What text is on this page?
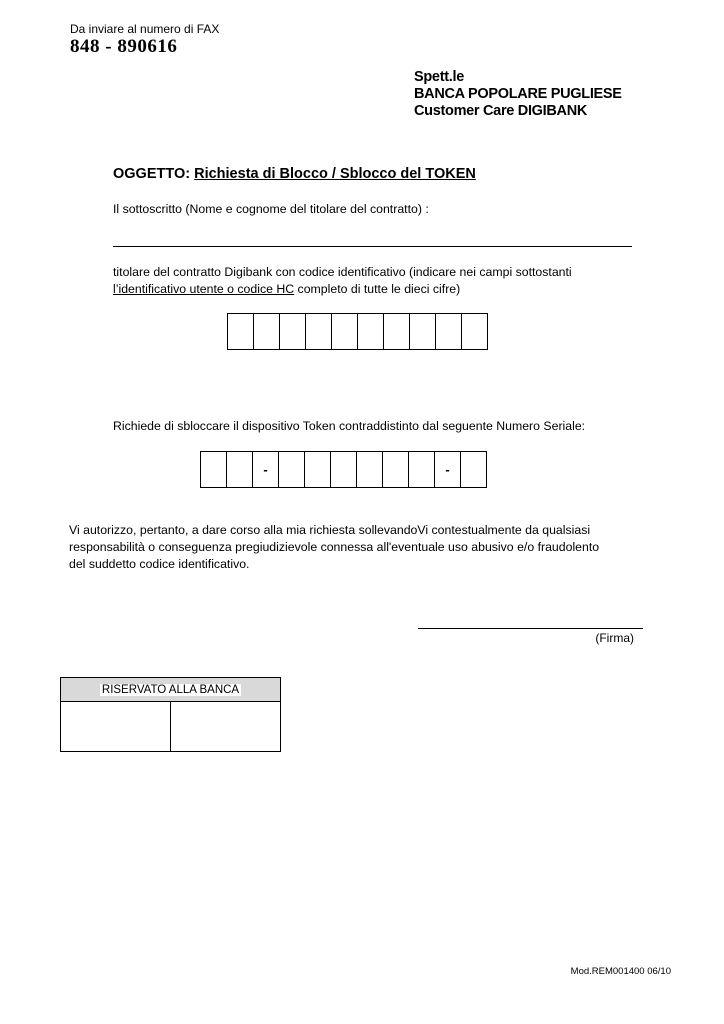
Da inviare al numero di FAX
848 - 890616
Spett.le
BANCA POPOLARE PUGLIESE
Customer Care DIGIBANK
OGGETTO: Richiesta di Blocco / Sblocco del TOKEN
Il sottoscritto (Nome e cognome del titolare del contratto) :
titolare del contratto Digibank con codice identificativo (indicare nei campi sottostanti
l’identificativo utente o codice HC completo di tutte le dieci cifre)
Richiede di sbloccare il dispositivo Token contraddistinto dal seguente Numero Seriale:
-	-
Vi autorizzo, pertanto, a dare corso alla mia richiesta sollevandoVi contestualmente da qualsiasi
responsabilità o conseguenza pregiudizievole connessa all'eventuale uso abusivo e/o fraudolento
del suddetto codice identificativo.
(Firma)
RISERVATO ALLA BANCA
Mod.REM001400 06/10
